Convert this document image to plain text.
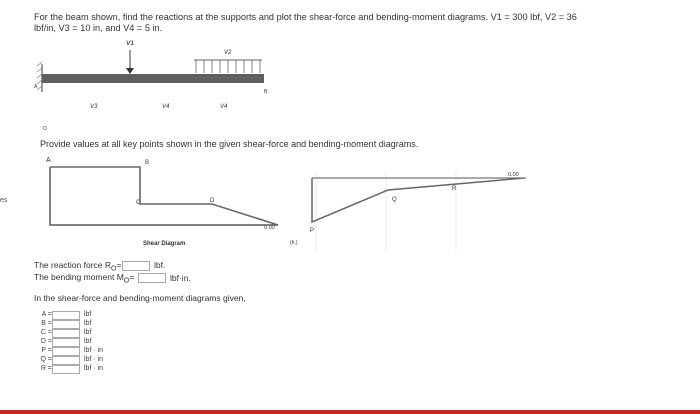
For the beam shown, find the reactions at the supports and plot the shear-force and bending-moment diagrams. V1 = 300 lbf, V2 = 36
lbf/in, V3 = 10 in, and V4 = 5 in.
es
V1
V2
B
A
V3	V4	V4
O
Provide values at all key points shown in the given shear-force and bending-moment diagrams.
A	B
C	D
0.00
Shear Diagram
0.00
P
Q
R
(h,)
The reaction force $R_O=$	lbf.
The bending moment $M_O=$	lbf·in.
In the shear-force and bending-moment diagrams given,
A =	lbf
B =	lbf
C =	lbf
D =	lbf
P =	lbf · in
Q =	lbf · in
R =	lbf · in
